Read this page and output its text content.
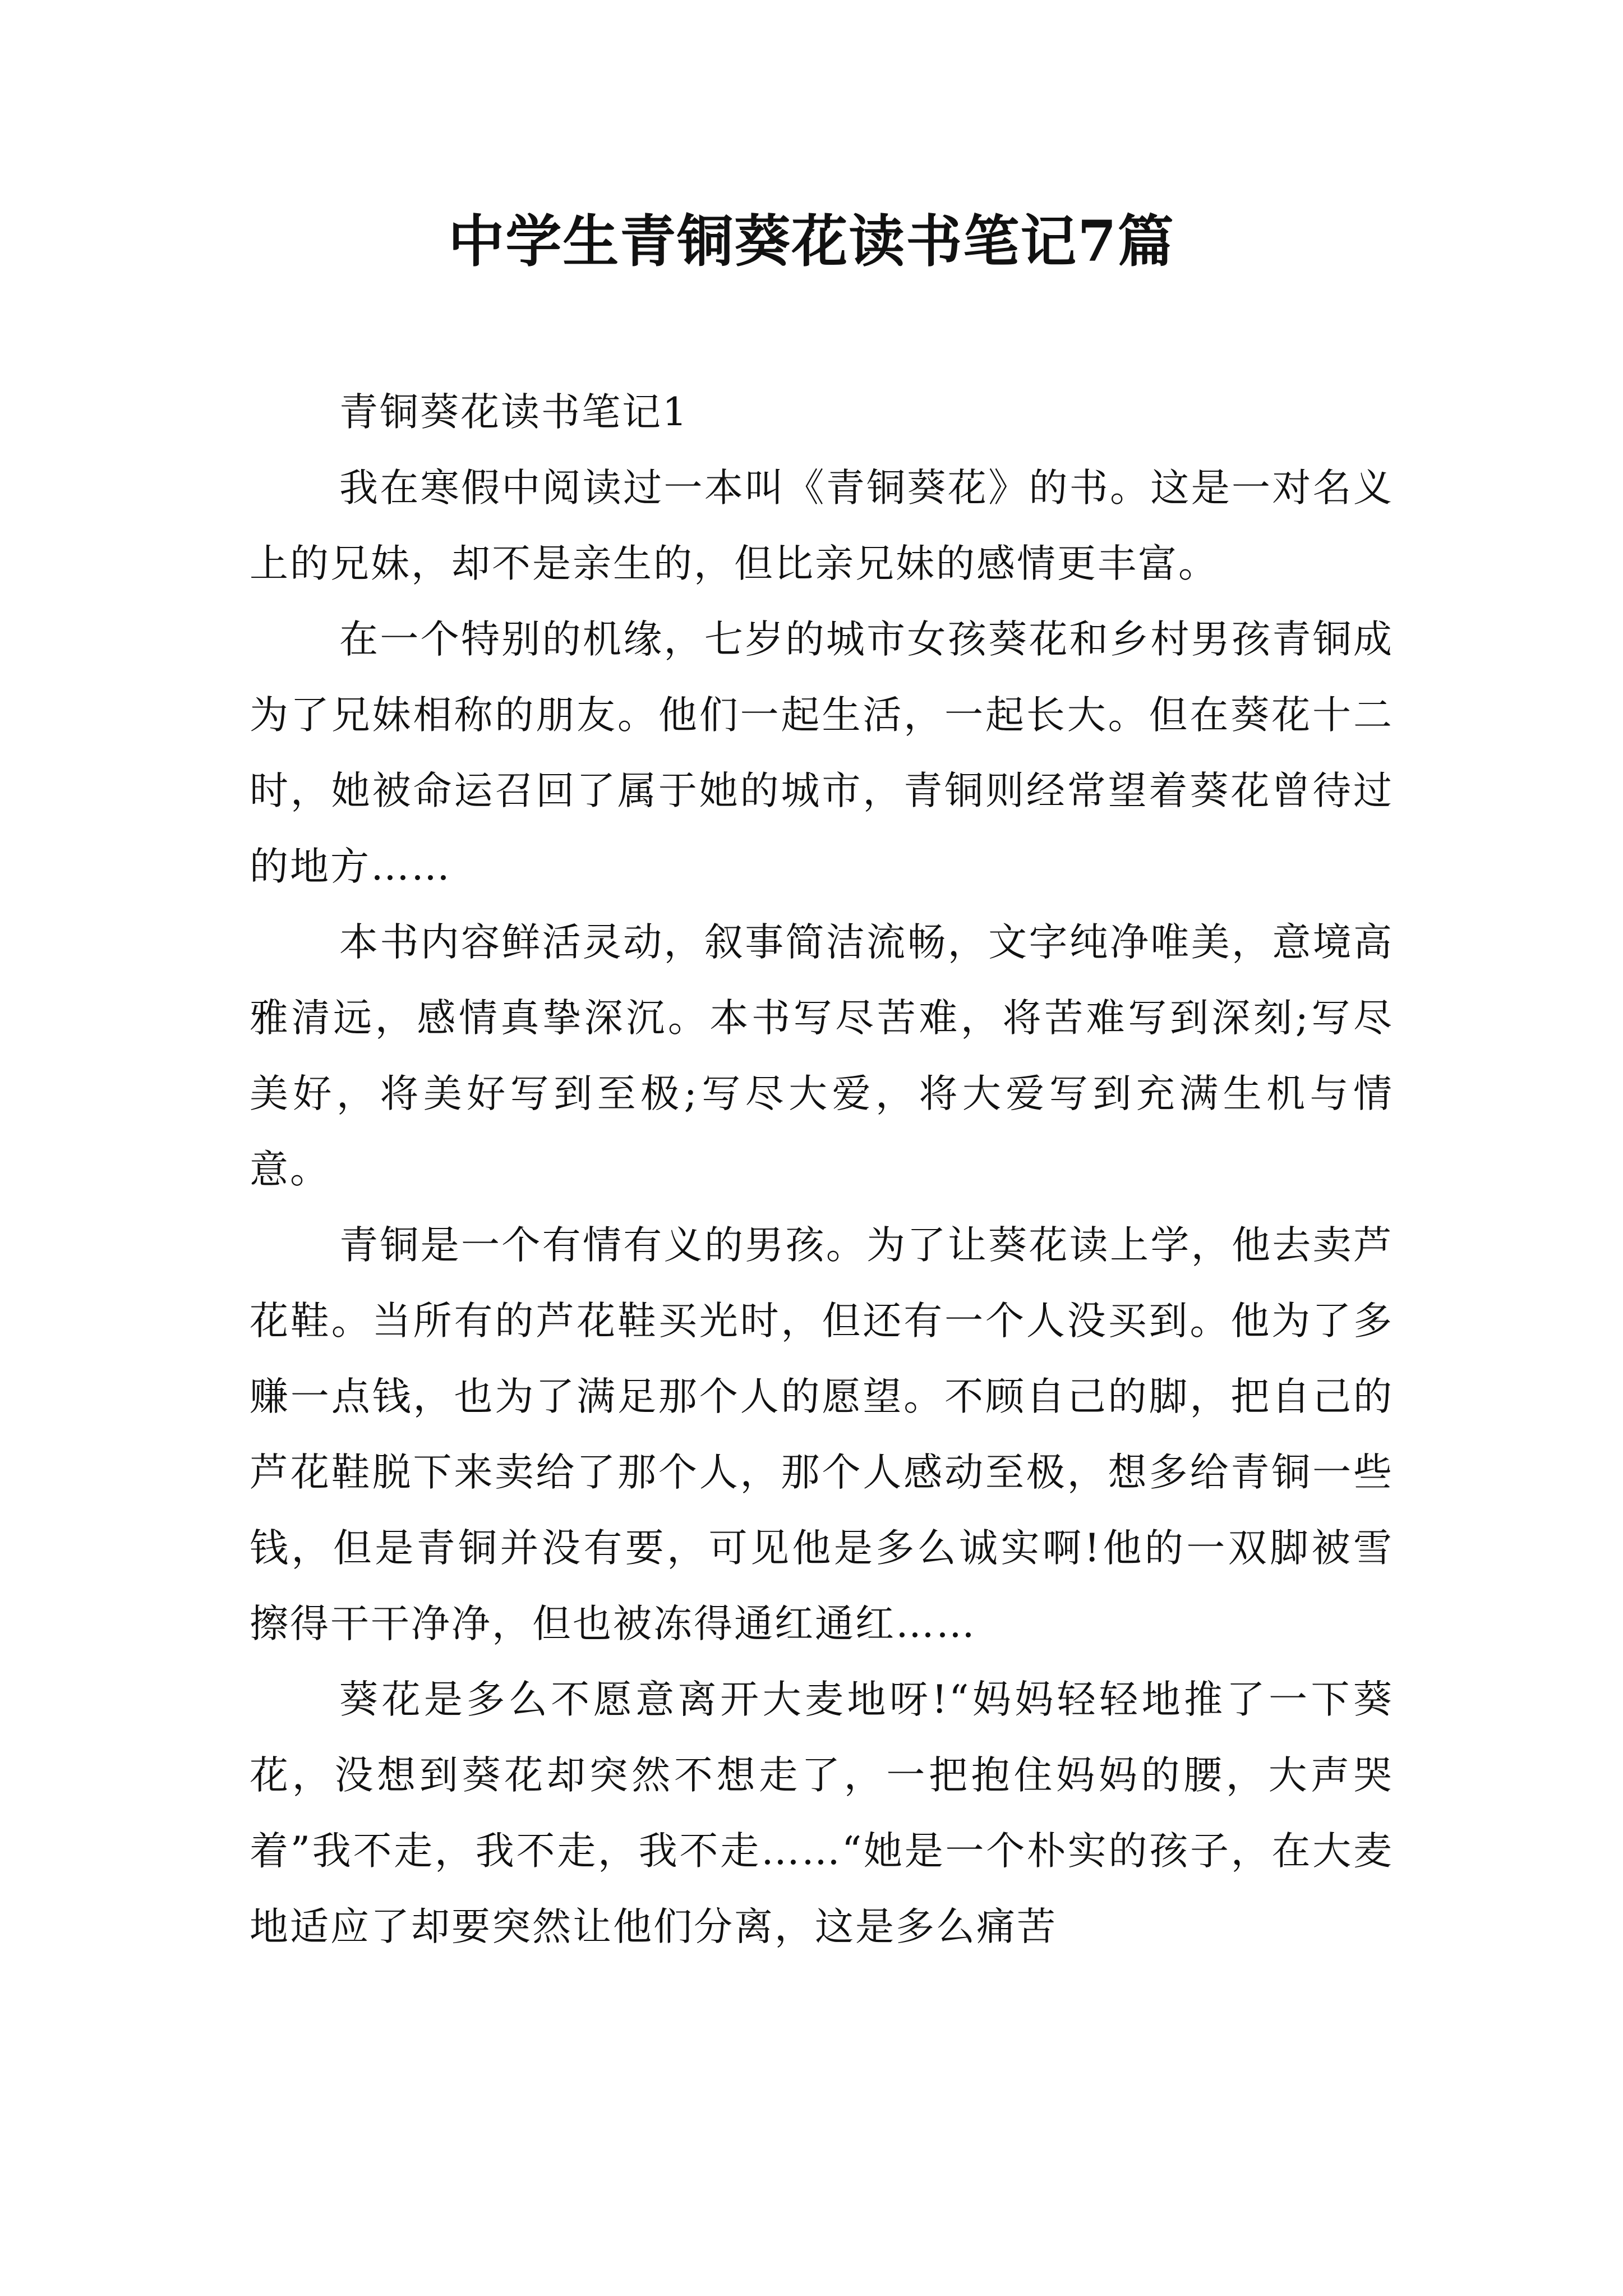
中学生青铜葵花读书笔记7篇

青铜葵花读书笔记1

我在寒假中阅读过一本叫《青铜葵花》的书。这是一对名义上的兄妹，却不是亲生的，但比亲兄妹的感情更丰富。

在一个特别的机缘，七岁的城市女孩葵花和乡村男孩青铜成为了兄妹相称的朋友。他们一起生活，一起长大。但在葵花十二时，她被命运召回了属于她的城市，青铜则经常望着葵花曾待过的地方……

本书内容鲜活灵动，叙事简洁流畅，文字纯净唯美，意境高雅清远，感情真挚深沉。本书写尽苦难，将苦难写到深刻;写尽美好，将美好写到至极;写尽大爱，将大爱写到充满生机与情意。

青铜是一个有情有义的男孩。为了让葵花读上学，他去卖芦花鞋。当所有的芦花鞋买光时，但还有一个人没买到。他为了多赚一点钱，也为了满足那个人的愿望。不顾自己的脚，把自己的芦花鞋脱下来卖给了那个人，那个人感动至极，想多给青铜一些钱，但是青铜并没有要，可见他是多么诚实啊!他的一双脚被雪擦得干干净净，但也被冻得通红通红……

葵花是多么不愿意离开大麦地呀!“妈妈轻轻地推了一下葵花，没想到葵花却突然不想走了，一把抱住妈妈的腰，大声哭着”我不走，我不走，我不走……“她是一个朴实的孩子，在大麦地适应了却要突然让他们分离，这是多么痛苦
